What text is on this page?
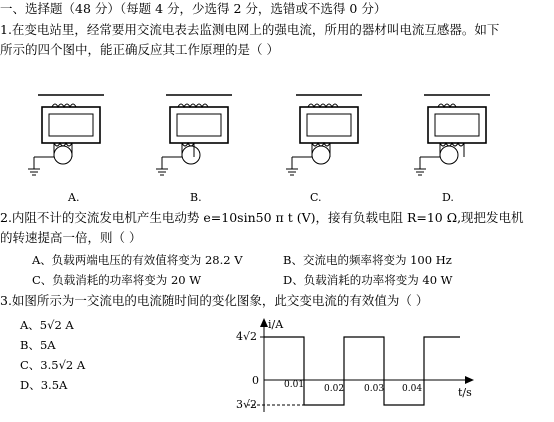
一、选择题（48 分）（每题 4 分，少选得 2 分，选错或不选得 0 分）
1.在变电站里，经常要用交流电表去监测电网上的强电流，所用的器材叫电流互感器。如下
所示的四个图中，能正确反应其工作原理的是（ ）
A.	B.	C.	D.
2.内阻不计的交流发电机产生电动势 e=10sin50 π t (V)，接有负载电阻 R=10 Ω,现把发电机
的转速提高一倍，则（ ）
A、负载两端电压的有效值将变为 28.2 V	B、交流电的频率将变为 100 Hz
C、负载消耗的功率将变为 20 W	D、负载消耗的功率将变为 40 W
3.如图所示为一交流电的电流随时间的变化图象，此交变电流的有效值为（ ）
A、5√2 A
B、5A
C、3.5√2 A
D、3.5A
i/A
4√2
0
3√2
0.01 0.02 0.03 0.04	t/s
